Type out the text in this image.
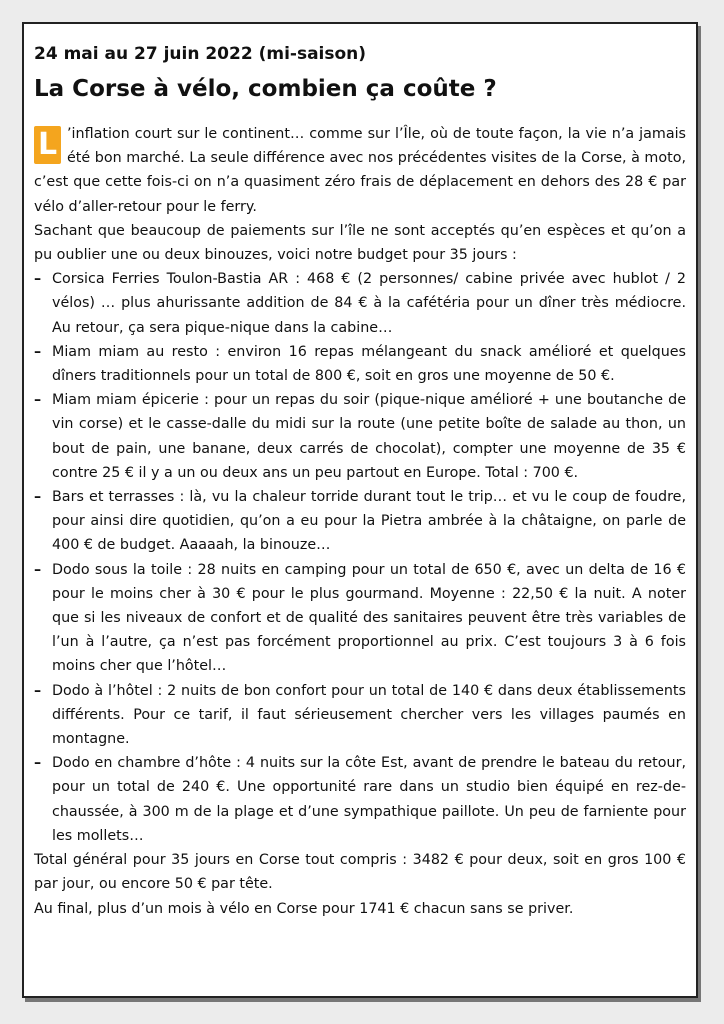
24 mai au 27 juin 2022 (mi-saison)
La Corse à vélo, combien ça coûte ?

L ’inflation court sur le continent… comme sur l’Île, où de toute façon, la vie n’a jamais été bon marché. La seule différence avec nos précédentes visites de la Corse, à moto, c’est que cette fois-ci on n’a quasiment zéro frais de déplacement en dehors des 28 € par vélo d’aller-retour pour le ferry.

Sachant que beaucoup de paiements sur l’île ne sont acceptés qu’en espèces et qu’on a pu oublier une ou deux binouzes, voici notre budget pour 35 jours :

– Corsica Ferries Toulon-Bastia AR : 468 € (2 personnes/ cabine privée avec hublot / 2 vélos) … plus ahurissante addition de 84 € à la cafétéria pour un dîner très médiocre. Au retour, ça sera pique-nique dans la cabine…
– Miam miam au resto : environ 16 repas mélangeant du snack amélioré et quelques dîners traditionnels pour un total de 800 €, soit en gros une moyenne de 50 €.
– Miam miam épicerie : pour un repas du soir (pique-nique amélioré + une boutanche de vin corse) et le casse-dalle du midi sur la route (une petite boîte de salade au thon, un bout de pain, une banane, deux carrés de chocolat), compter une moyenne de 35 € contre 25 € il y a un ou deux ans un peu partout en Europe. Total : 700 €.
– Bars et terrasses : là, vu la chaleur torride durant tout le trip… et vu le coup de foudre, pour ainsi dire quotidien, qu’on a eu pour la Pietra ambrée à la châtaigne, on parle de 400 € de budget. Aaaaah, la binouze…
– Dodo sous la toile : 28 nuits en camping pour un total de 650 €, avec un delta de 16 € pour le moins cher à 30 € pour le plus gourmand. Moyenne : 22,50 € la nuit. A noter que si les niveaux de confort et de qualité des sanitaires peuvent être très variables de l’un à l’autre, ça n’est pas forcément proportionnel au prix. C’est toujours 3 à 6 fois moins cher que l’hôtel…
– Dodo à l’hôtel : 2 nuits de bon confort pour un total de 140 € dans deux établissements différents. Pour ce tarif, il faut sérieusement chercher vers les villages paumés en montagne.
– Dodo en chambre d’hôte : 4 nuits sur la côte Est, avant de prendre le bateau du retour, pour un total de 240 €. Une opportunité rare dans un studio bien équipé en rez-de-chaussée, à 300 m de la plage et d’une sympathique paillote. Un peu de farniente pour les mollets…

Total général pour 35 jours en Corse tout compris : 3482 € pour deux, soit en gros 100 € par jour, ou encore 50 € par tête.

Au final, plus d’un mois à vélo en Corse pour 1741 € chacun sans se priver.
